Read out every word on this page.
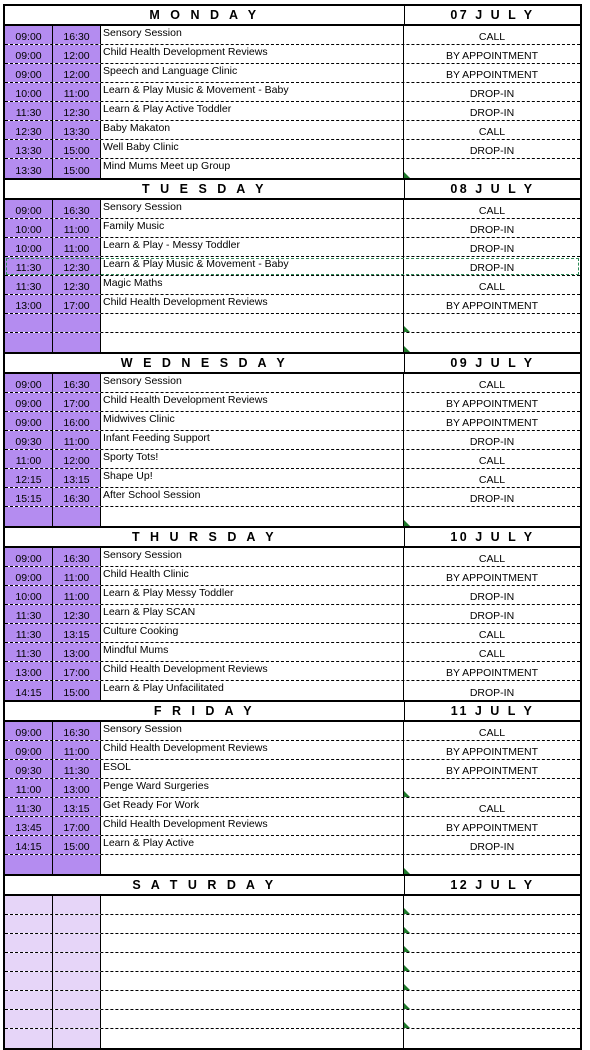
M O N D A Y	07 J U L Y
09:00 16:30 Sensory Session	CALL
09:00 12:00 Child Health Development Reviews	BY APPOINTMENT
09:00 12:00 Speech and Language Clinic	BY APPOINTMENT
10:00 11:00 Learn & Play Music & Movement - Baby	DROP-IN
11:30 12:30 Learn & Play Active Toddler	DROP-IN
12:30 13:30 Baby Makaton	CALL
13:30 15:00 Well Baby Clinic	DROP-IN
13:30 15:00 Mind Mums Meet up Group
T U E S D A Y	08 J U L Y
09:00 16:30 Sensory Session	CALL
10:00 11:00 Family Music	DROP-IN
10:00 11:00 Learn & Play - Messy Toddler	DROP-IN
11:30 12:30 Learn & Play Music & Movement - Baby	DROP-IN
11:30 12:30 Magic Maths	CALL
13:00 17:00 Child Health Development Reviews	BY APPOINTMENT
W E D N E S D A Y	09 J U L Y
09:00 16:30 Sensory Session	CALL
09:00 17:00 Child Health Development Reviews	BY APPOINTMENT
09:00 16:00 Midwives Clinic	BY APPOINTMENT
09:30 11:00 Infant Feeding Support	DROP-IN
11:00 12:00 Sporty Tots!	CALL
12:15 13:15 Shape Up!	CALL
15:15 16:30 After School Session	DROP-IN
T H U R S D A Y	10 J U L Y
09:00 16:30 Sensory Session	CALL
09:00 11:00 Child Health Clinic	BY APPOINTMENT
10:00 11:00 Learn & Play Messy Toddler	DROP-IN
11:30 12:30 Learn & Play SCAN	DROP-IN
11:30 13:15 Culture Cooking	CALL
11:30 13:00 Mindful Mums	CALL
13:00 17:00 Child Health Development Reviews	BY APPOINTMENT
14:15 15:00 Learn & Play Unfacilitated	DROP-IN
F R I D A Y	11 J U L Y
09:00 16:30 Sensory Session	CALL
09:00 11:00 Child Health Development Reviews	BY APPOINTMENT
09:30 11:30 ESOL	BY APPOINTMENT
11:00 13:00 Penge Ward Surgeries
11:30 13:15 Get Ready For Work	CALL
13:45 17:00 Child Health Development Reviews	BY APPOINTMENT
14:15 15:00 Learn & Play Active	DROP-IN
S A T U R D A Y	12 J U L Y
